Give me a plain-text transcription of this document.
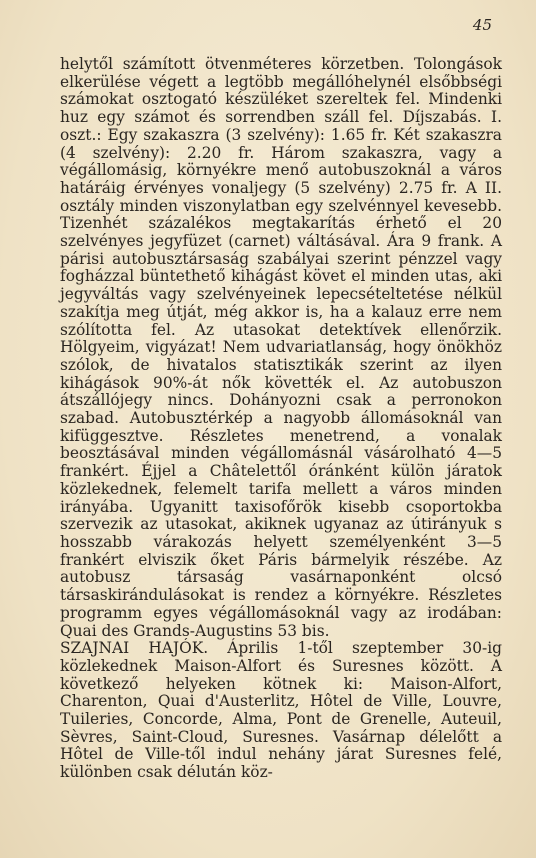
45

helytől számított ötvenméteres körzetben. Tolongások elkerülése végett a legtöbb megállóhelynél elsőbbségi számokat osztogató készüléket szereltek fel. Mindenki huz egy számot és sorrendben száll fel. Díjszabás. I. oszt.: Egy szakaszra (3 szelvény): 1.65 fr. Két szakaszra (4 szelvény): 2.20 fr. Három szakaszra, vagy a végállomásig, környékre menő autobuszoknál a város határáig érvényes vonaljegy (5 szelvény) 2.75 fr. A II. osztály minden viszonylatban egy szelvénnyel kevesebb. Tizenhét százalékos megtakarítás érhető el 20 szelvényes jegyfüzet (carnet) váltásával. Ára 9 frank. A párisi autobusztársaság szabályai szerint pénzzel vagy fogházzal büntethető kihágást követ el minden utas, aki jegyváltás vagy szelvényeinek lepecsételtetése nélkül szakítja meg útját, még akkor is, ha a kalauz erre nem szólította fel. Az utasokat detektívek ellenőrzik. Hölgyeim, vigyázat! Nem udvariatlanság, hogy önökhöz szólok, de hivatalos statisztikák szerint az ilyen kihágások 90%-át nők követték el. Az autobuszon átszállójegy nincs. Dohányozni csak a perronokon szabad. Autobusztérkép a nagyobb állomásoknál van kifüggesztve. Részletes menetrend, a vonalak beosztásával minden végállomásnál vásárolható 4—5 frankért. Éjjel a Châtelettől óránként külön járatok közlekednek, felemelt tarifa mellett a város minden irányába. Ugyanitt taxisofőrök kisebb csoportokba szervezik az utasokat, akiknek ugyanaz az útirányuk s hosszabb várakozás helyett személyenként 3—5 frankért elviszik őket Páris bármelyik részébe. Az autobusz társaság vasárnaponként olcsó társaskirándulásokat is rendez a környékre. Részletes programm egyes végállomásoknál vagy az irodában: Quai des Grands-Augustins 53 bis.

SZAJNAI HAJÓK. Április 1-től szeptember 30-ig közlekednek Maison-Alfort és Suresnes között. A következő helyeken kötnek ki: Maison-Alfort, Charenton, Quai d'Austerlitz, Hôtel de Ville, Louvre, Tuileries, Concorde, Alma, Pont de Grenelle, Auteuil, Sèvres, Saint-Cloud, Suresnes. Vasárnap délelőtt a Hôtel de Ville-től indul nehány járat Suresnes felé, különben csak délután köz-
